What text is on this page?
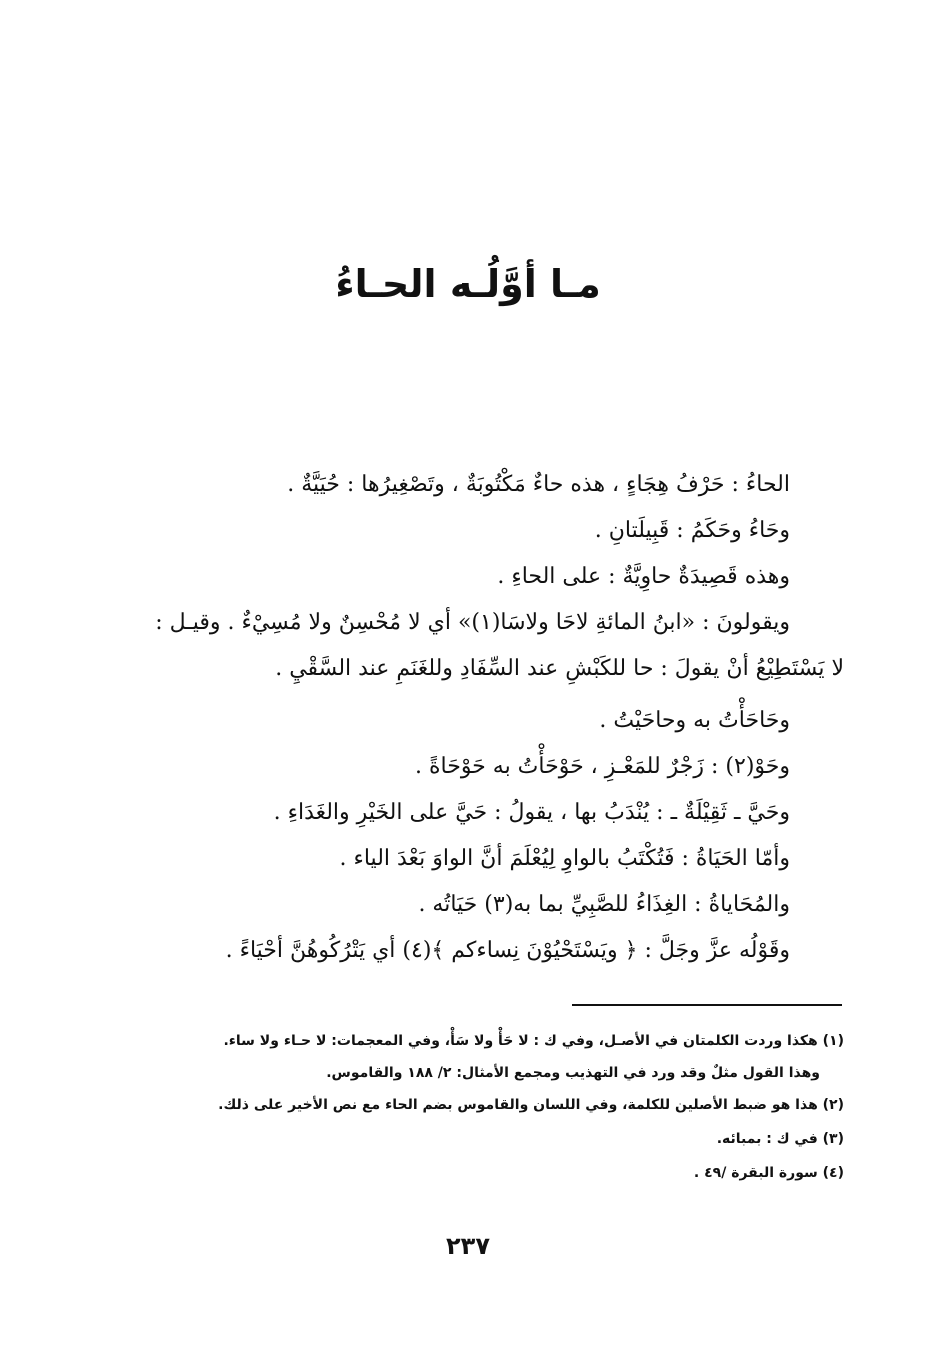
مـا أوَّلُـه الحـاءُ
الحاءُ : حَرْفُ هِجَاءٍ ، هذه حاءٌ مَكْتُوبَةٌ ، وتَصْغِيرُها : حُيَيَّةٌ .
وحَاءُ وحَكَمُ : قَبِيلَتانِ .
وهذه قَصِيدَةٌ حاوِيَّةٌ : على الحاءِ .
ويقولونَ : «ابنُ المائةِ لاحَا ولاسَا(١)» أي لا مُحْسِنٌ ولا مُسِيْءٌ . وقيـل :
لا يَسْتَطِيْعُ أنْ يقولَ : حا للكَبْشِ عند السِّفَادِ وللغَنَمِ عند السَّقْيِ .
وحَاحَأْتُ به وحاحَيْتُ .
وحَوْ(٢) : زَجْرٌ للمَعْـزِ ، حَوْحَأْتُ به حَوْحَاةً .
وحَيَّ ـ ثَقِيْلَةٌ ـ : يُنْدَبُ بها ، يقولُ : حَيَّ على الخَيْرِ والغَدَاءِ .
وأمّا الحَيَاةُ : فَتُكْتَبُ بالواوِ لِيُعْلَمَ أنَّ الواوَ بَعْدَ الياء .
والمُحَاياةُ : الغِذَاءُ للصَّبِيِّ بما به(٣) حَيَاتُه .
وقَوْلُه عزَّ وجَلَّ : ﴿ ويَسْتَحْيُوْنَ نِساءكم ﴾(٤) أي يَتْرُكُوهُنَّ أحْيَاءً .
(١) هكذا وردت الكلمتان في الأصـل، وفي ك : لا حَأْ ولا سَأْ، وفي المعجمات: لا حـاء ولا ساء.
وهذا القول مثلٌ وقد ورد في التهذيب ومجمع الأمثال: ٢/ ١٨٨ والقاموس.
(٢) هذا هو ضبط الأصلين للكلمة، وفي اللسان والقاموس بضم الحاء مع نص الأخير على ذلك.
(٣) في ك : بمبائه.
(٤) سورة البقرة /٤٩ .
٢٣٧
